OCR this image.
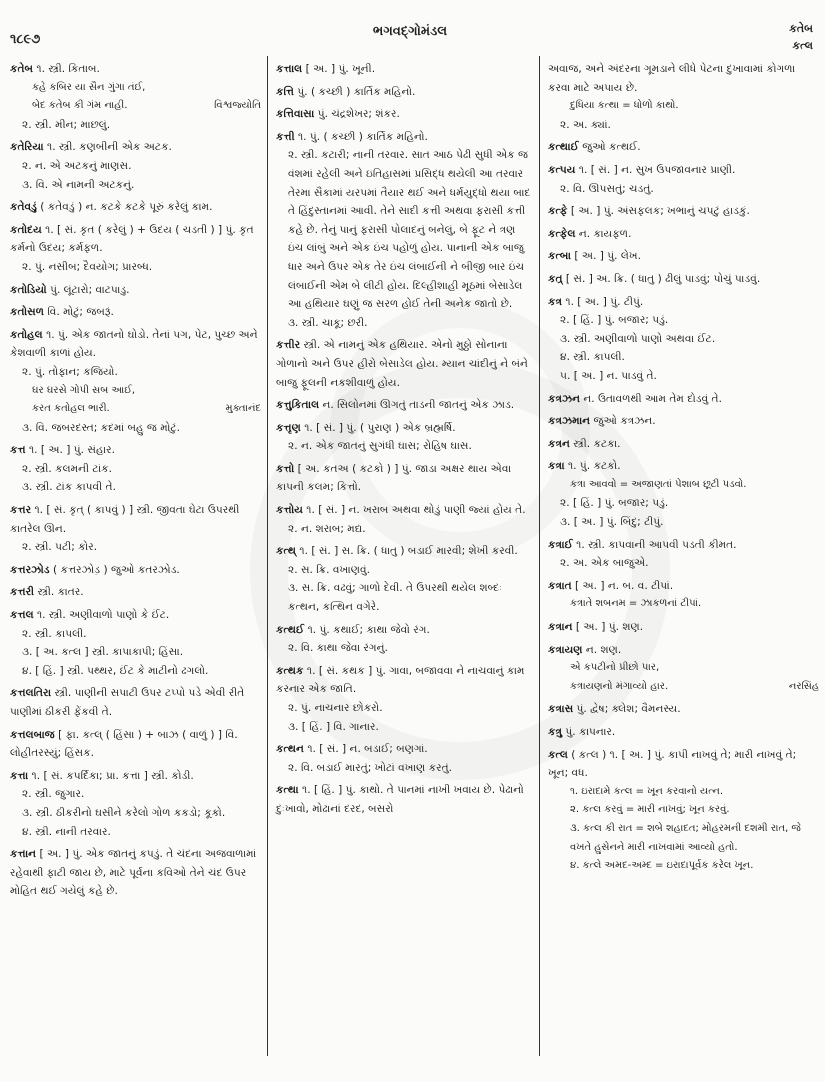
૧૮૯૭
ભગવદ્ગોમંડલ	કતેબ
કત્લ
કતેબ ૧. સ્ત્રી. કિતાબ.
કહે કબિર યા સૈન ગુંગા તંઈ,
બેદ કતેબ કી ગંમ નાહી.	વિશ્વજ્યોતિ
૨. સ્ત્રી. મીન; માછલું.
કતેરિયા ૧. સ્ત્રી. કણબીની એક અટક.
૨. ન. એ અટકનું માણસ.
૩. વિ. એ નામની અટકનું.
કતેવડું ( કતેવડું ) ન. કટકે કટકે પૂરું કરેલું કામ.
કતોદય ૧. [ સં. કૃત ( કરેલું ) + ઉદય ( ચડતી ) ] પું. કૃત કર્મનો ઉદય; કર્મફળ.
૨. પું. નસીબ; દૈવયોગ; પ્રારબ્ધ.
કતોડિયો પું. લૂંટારો; વાટપાડુ.
કતોસળ વિ. મોટું; જબરૂં.
કતોહલ ૧. પું. એક જાતનો ઘોડો. તેનાં પગ, પેટ, પુચ્છ અને કેશવાળી કાળાં હોય.
૨. પું. તોફાન; કજિયો.
ઘર ઘરસે ગોપી સબ આઈ,
કરત કતોહલ ભારી.	મુક્તાનંદ
૩. વિ. જબરદસ્ત; કદમાં બહુ જ મોટું.
કત્ત ૧. [ અ. ] પું. સંહાર.
૨. સ્ત્રી. કલમની ટાંક.
૩. સ્ત્રી. ટાંક કાપવી તે.
કત્તર ૧. [ સં. કૃત્ ( કાપવું ) ] સ્ત્રી. જીવતા ઘેટા ઉપરથી કાતરેલ ઊન.
૨. સ્ત્રી. પટી; કોર.
કત્તરઝોડ ( કત્તરઝોડ઼ ) જુઓ કતરઝોડ.
કત્તરી સ્ત્રી. કાતર.
કત્તલ ૧. સ્ત્રી. અણીવાળો પાણો કે ઈંટ.
૨. સ્ત્રી. કાપલી.
૩. [ અ. કત્લ ] સ્ત્રી. કાપાકાપી; હિંસા.
૪. [ હિં. ] સ્ત્રી. પથ્થર, ઈંટ કે માટીનો ઢગલો.
કત્તલતિરા સ્ત્રી. પાણીની સપાટી ઉપર ટપ્પો પડે એવી રીતે પાણીમાં ઠીકરી ફેંકવી તે.
કત્તલબાજ [ ફા. કત્લ્ ( હિંસા ) + બાઝ ( વાળું ) ] વિ. લોહીતરસ્યું; હિંસક.
કત્તા ૧. [ સં. કપર્દિકા; પ્રા. કત્તા ] સ્ત્રી. કોડી.
૨. સ્ત્રી. જુગાર.
૩. સ્ત્રી. ઠીકરીનો ઘસીને કરેલો ગોળ કકડો; કૂકો.
૪. સ્ત્રી. નાની તરવાર.
કત્તાન [ અ. ] પું. એક જાતનું કપડું. તે ચંદના અજવાળામાં રહેવાથી ફાટી જાય છે, માટે પૂર્વના કવિઓ તેને ચંદ ઉપર મોહિત થઈ ગયેલું કહે છે.
કત્તાલ [ અ. ] પું. ખૂની.
કત્તિ પું. ( કચ્છી ) કાર્તિક મહિનો.
કત્તિવાસા પું. ચંદ્રશેખર; શંકર.
કત્તી ૧. પું. ( કચ્છી ) કાર્તિક મહિનો.
૨. સ્ત્રી. કટારી; નાની તરવાર. સાત આઠ પેઢી સુધી એક જ વંશમાં રહેલી અને ઇતિહાસમાં પ્રસિદ્ધ થયેલી આ તરવાર તેરમા સૈકામાં યરપમાં તૈયાર થઈ અને ધર્મયુદ્ધો થયા બાદ તે હિંદુસ્તાનમાં આવી. તેને સાદી કત્તી અથવા ફરાસી કત્તી કહે છે. તેનું પાનું ફરાસી પોલાદનું બનેલું, બે ફૂટ ને ત્રણ ઇંચ લાંબું અને એક ઇંચ પહોળું હોય. પાનાની એક બાજુ ધાર અને ઉપર એક તેર ઇંચ લંબાઈની ને બીજી બાર ઇંચ લંબાઈની એમ બે લીટી હોય. દિલ્હીશાહી મૂઠમાં બેસાડેલ આ હથિયાર ઘણું જ સરળ હોઈ તેની અનેક જાતો છે.
૩. સ્ત્રી. ચાકૂ; છરી.
કત્તીર સ્ત્રી. એ નામનું એક હથિયાર. એનો મુઠ્ઠો સોનાના ગોળાનો અને ઉપર હીરો બેસાડેલ હોય. મ્યાન ચાંદીનું ને બંને બાજુ ફૂલની નકશીવાળું હોય.
કત્તુકિતાલ ન. સિલોનમાં ઊગતું તાડની જાતનું એક ઝાડ.
કત્તૃણ ૧. [ સં. ] પું. ( પુરાણ ) એક બ્રહ્મર્ષિ.
૨. ન. એક જાતનું સુગંધી ઘાસ; રોહિષ ઘાસ.
કત્તો [ અ. કતઅ ( કટકો ) ] પું. જાડા અક્ષર થાય એવા કાપની કલમ; કિત્તો.
કત્તોય ૧. [ સં. ] ન. ખરાબ અથવા થોડું પાણી જ્યાં હોય તે.
૨. ન. શરાબ; મદ્ય.
કત્થ્ ૧. [ સં. ] સ. ક્રિ. ( ધાતુ ) બડાઈ મારવી; શેખી કરવી.
૨. સ. ક્રિ. વખાણવું.
૩. સ. ક્રિ. વઢવું; ગાળો દેવી. તે ઉપરથી થયેલ શબ્દઃ કત્થન, કત્થિન વગેરે.
કત્થઈ ૧. પું. કથાઈ; કાથા જેવો રંગ.
૨. વિ. કાથા જેવા રંગનું.
કત્થક ૧. [ સં. કથક ] પું. ગાવા, બજાવવા ને નાચવાનું કામ કરનાર એક જાતિ.
૨. પું. નાચનાર છોકરો.
૩. [ હિં. ] વિ. ગાનાર.
કત્થન ૧. [ સં. ] ન. બડાઈ; બણગાં.
૨. વિ. બડાઈ મારતું; ખોટાં વખાણ કરતું.
કત્થા ૧. [ હિં. ] પું. કાથો. તે પાનમાં નાખી ખવાય છે. પેઢાનો દુઃખાવો, મોઢાનાં દરદ, બસરો
અવાજ, અને અંદરના ગૂમડાને લીધે પેટના દુખાવામાં કોગળા કરવા માટે અપાય છે.
દુધિયા કત્થા = ધોળો કાથો.
૨. અ. ક્યાં.
કત્થાઈ જુઓ કત્થઈ.
કત્પય ૧. [ સં. ] ન. સુખ ઉપજાવનાર પ્રાણી.
૨. વિ. ઊપસતું; ચડતું.
કત્ફે [ અ. ] પું. અંસફલક; ખભાનું ચપટું હાડકું.
કત્ફેલ ન. કાયફળ.
કત્બા [ અ. ] પું. લેખ.
કત્ર્ [ સં. ] અ. ક્રિ. ( ધાતુ ) ઢીલું પાડવું; પોચું પાડવું.
કત્ર ૧. [ અ. ] પું. ટીપું.
૨. [ હિં. ] પું. બજાર; પડું.
૩. સ્ત્રી. અણીવાળો પાણો અથવા ઈંટ.
૪. સ્ત્રી. કાપલી.
૫. [ અ. ] ન. પાડવું તે.
કત્રઝન ન. ઉતાવળથી આમ તેમ દોડવું તે.
કત્રઝમાન જુઓ કત્રઝન.
કત્રન સ્ત્રી. કટકા.
કત્રા ૧. પું. કટકો.
કત્રા આવવો = અજાણતાં પેશાબ છૂટી પડવો.
૨. [ હિં. ] પું. બજાર; પડું.
૩. [ અ. ] પું. બિંદુ; ટીપું.
કત્રાઈ ૧. સ્ત્રી. કાપવાની આપવી પડતી કીમત.
૨. અ. એક બાજુએ.
કત્રાત [ અ. ] ન. બ. વ. ટીપાં.
કત્રાતે શબનમ = ઝાકળનાં ટીપાં.
કત્રાન [ અ. ] પું. શણ.
કત્રાયણ ન. શણ.
એ કપટીનો પ્રીછો પાર,
કત્રાયણનો મંગાવ્યો હાર.	નરસિંહ
કત્રાસ પું. દ્વેષ; ક્લેશ; વૈમનસ્ય.
કત્રુ પું. કાપનાર.
કત્લ ( ક઼ત્લ ) ૧. [ અ. ] પું. કાપી નાખવું તે; મારી નાખવું તે; ખૂન; વધ.
૧. ઇરાદામે કત્લ = ખૂન કરવાનો યત્ન.
૨. કત્લ કરવું = મારી નાખવું; ખૂન કરવું.
૩. કત્લ કી રાત = શબે શહાદત; મોહરમની દશમી રાત, જે વખતે હુસેનને મારી નાખવામાં આવ્યો હતો.
૪. કત્લે અમદ-અમ્દ = ઇરાદાપૂર્વક કરેલ ખૂન.
